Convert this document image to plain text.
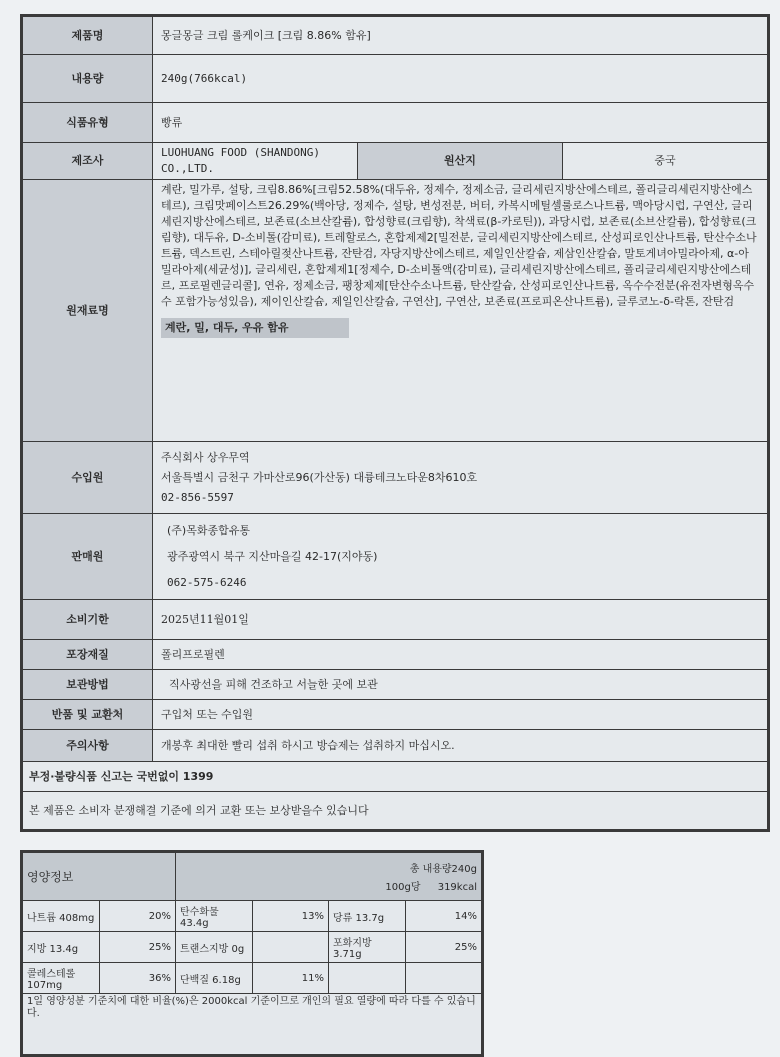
제품명	몽글몽글 크림 롤케이크 [크림 8.86% 함유]		
내용량	240g(766kcal)		
식품유형	빵류		
제조사	LUOHUANG FOOD (SHANDONG) CO.,LTD.	원산지	중국
원재료명	계란, 밀가루, 설탕, 크림8.86%[크림52.58%(대두유, 정제수, 정제소금, 글리세린지방산에스테르, 폴리글리세린지방산에스테르), 크림맛페이스트26.29%(백아당, 정제수, 설탕, 변성전분, 버터, 카복시메틸셀룰로스나트륨, 맥아당시럽, 구연산, 글리세린지방산에스테르, 보존료(소브산칼륨), 합성향료(크림향), 착색료(β-카로틴)), 과당시럽, 보존료(소브산칼륨), 합성향료(크림향), 대두유, D-소비톨(감미료), 트레할로스, 혼합제제2[밀전분, 글리세린지방산에스테르, 산성피로인산나트륨, 탄산수소나트륨, 덱스트린, 스테아릴젖산나트륨, 잔탄검, 자당지방산에스테르, 제일인산칼슘, 제삼인산칼슘, 말토게녀아밀라아제, α-아밀라아제(세균성)], 글리세린, 혼합제제1[정제수, D-소비톨액(감미료), 글리세린지방산에스테르, 폴리글리세린지방산에스테르, 프로필렌글리콜], 연유, 정제소금, 팽창제제[탄산수소나트륨, 탄산칼슘, 산성피로인산나트륨, 옥수수전분(유전자변형옥수수 포함가능성있음), 제이인산칼슘, 제일인산칼슘, 구연산], 구연산, 보존료(프로피온산나트륨), 글루코노-δ-락톤, 잔탄검
계란, 밀, 대두, 우유 함유		
수입원	주식회사 상우무역
서울특별시 금천구 가마산로96(가산동) 대륭테크노타운8차610호
02-856-5597		

판매원	(주)목화종합유통
광주광역시 북구 지산마을길 42-17(지야동)
062-575-6246		

소비기한	2025년11월01일		
포장재질	폴리프로필렌		
보관방법	직사광선을 피해 건조하고 서늘한 곳에 보관		
반품 및 교환처	구입처 또는 수입원		
주의사항	개봉후 최대한 빨리 섭취 하시고 방습제는 섭취하지 마십시오.		
부정·불량식품 신고는 국번없이 1399			
본 제품은 소비자 분쟁해결 기준에 의거 교환 또는 보상받을수 있습니다			
영양정보		총 내용량240g
100g당 319kcal			

나트륨 408mg	20%	탄수화물 43.4g	13%	당류 13.7g	14%
지방 13.4g	25%	트랜스지방 0g		포화지방 3.71g	25%
콜레스테롤 107mg	36%	단백질 6.18g	11%		
1일 영양성분 기준치에 대한 비율(%)은 2000kcal 기준이므로 개인의 필요 열량에 따라 다를 수 있습니다.					
